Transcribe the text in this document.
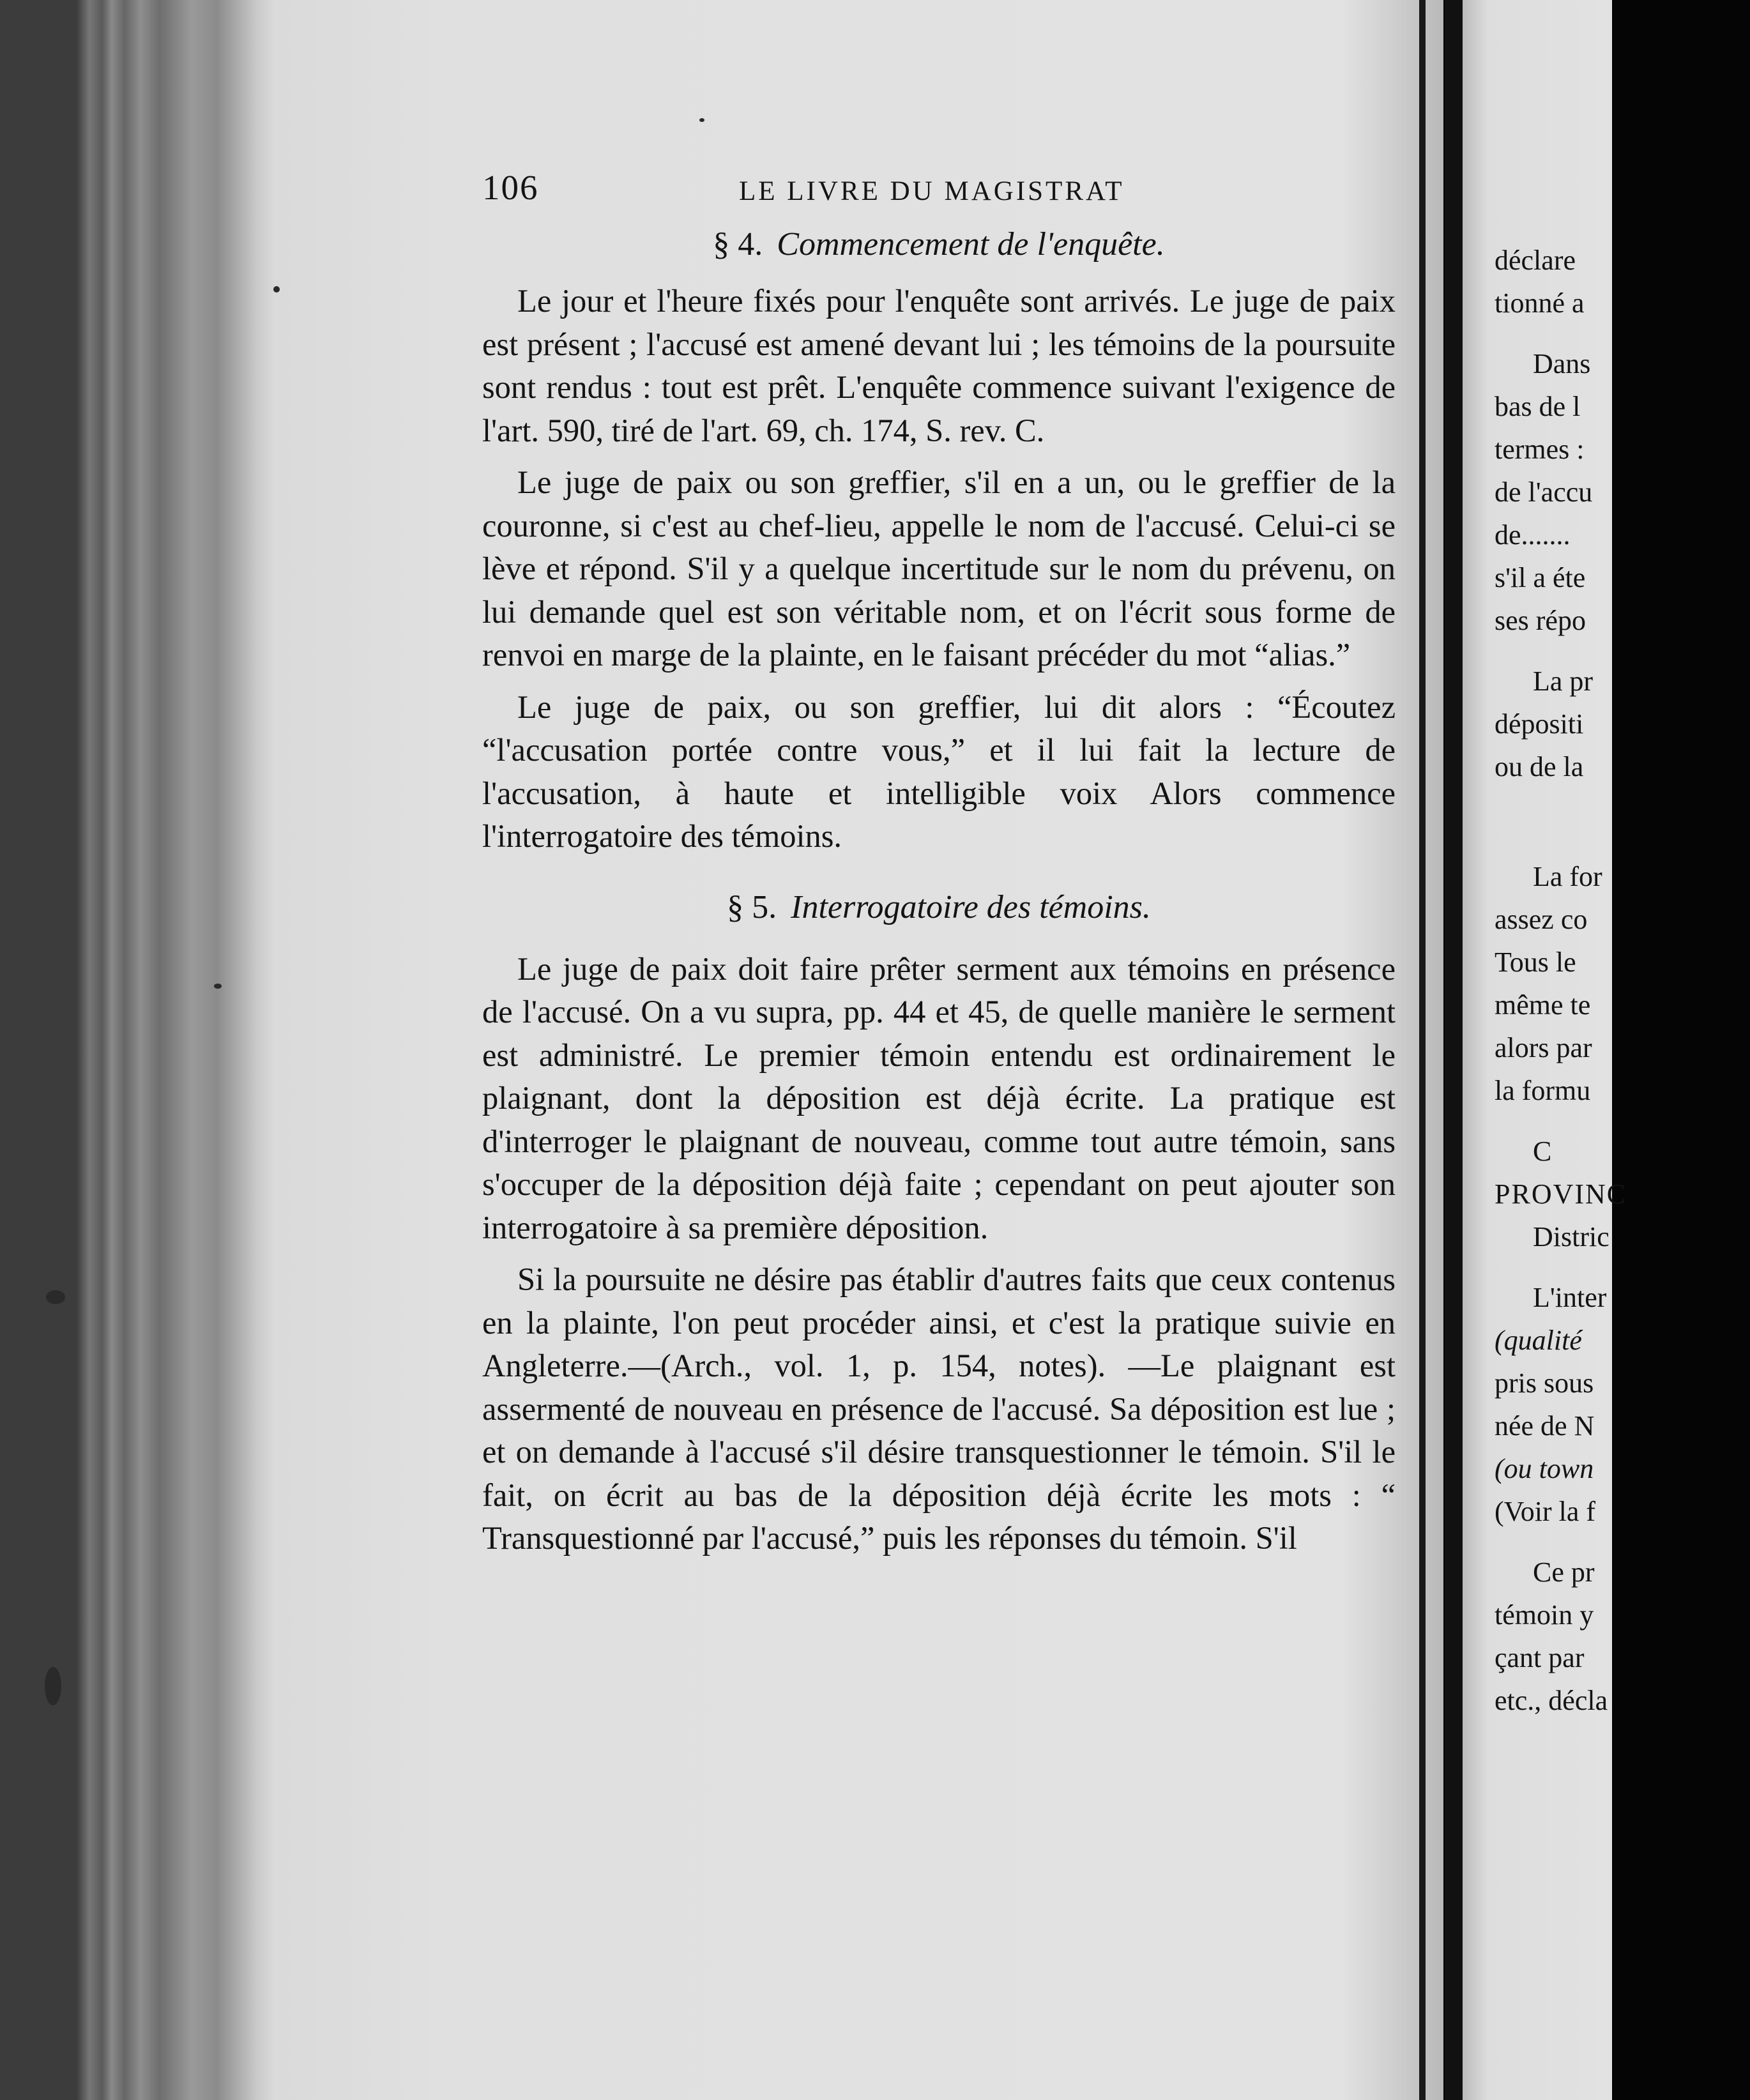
106	LE LIVRE DU MAGISTRAT
§ 4. Commencement de l'enquête.

Le jour et l'heure fixés pour l'enquête sont arrivés. Le juge de paix est présent ; l'accusé est amené devant lui ; les témoins de la poursuite sont rendus : tout est prêt. L'enquête commence suivant l'exigence de l'art. 590, tiré de l'art. 69, ch. 174, S. rev. C.

Le juge de paix ou son greffier, s'il en a un, ou le greffier de la couronne, si c'est au chef-lieu, appelle le nom de l'accusé. Celui-ci se lève et répond. S'il y a quelque incertitude sur le nom du prévenu, on lui demande quel est son véritable nom, et on l'écrit sous forme de renvoi en marge de la plainte, en le faisant précéder du mot “alias.”

Le juge de paix, ou son greffier, lui dit alors : “Écoutez “l'accusation portée contre vous,” et il lui fait la lecture de l'accusation, à haute et intelligible voix Alors commence l'interrogatoire des témoins.

§ 5. Interrogatoire des témoins.

Le juge de paix doit faire prêter serment aux témoins en présence de l'accusé. On a vu supra, pp. 44 et 45, de quelle manière le serment est administré. Le premier témoin entendu est ordinairement le plaignant, dont la déposition est déjà écrite. La pratique est d'interroger le plaignant de nouveau, comme tout autre témoin, sans s'occuper de la déposition déjà faite ; cependant on peut ajouter son interrogatoire à sa première déposition.

Si la poursuite ne désire pas établir d'autres faits que ceux contenus en la plainte, l'on peut procéder ainsi, et c'est la pratique suivie en Angleterre.—(Arch., vol. 1, p. 154, notes). —Le plaignant est assermenté de nouveau en présence de l'accusé. Sa déposition est lue ; et on demande à l'accusé s'il désire transquestionner le témoin. S'il le fait, on écrit au bas de la déposition déjà écrite les mots : “ Transquestionné par l'accusé,” puis les réponses du témoin. S'il

déclare
tionné a
Dans
bas de l
termes :
de l'accu
de.......
s'il a éte
ses répo
La pr
dépositi
ou de la
La for
assez co
Tous le
même te
alors par
la formu
C
PROVINC
Distric
L'inter
(qualité
pris sous
née de N
(ou town
(Voir la f
Ce pr
témoin y
çant par
etc., décla
